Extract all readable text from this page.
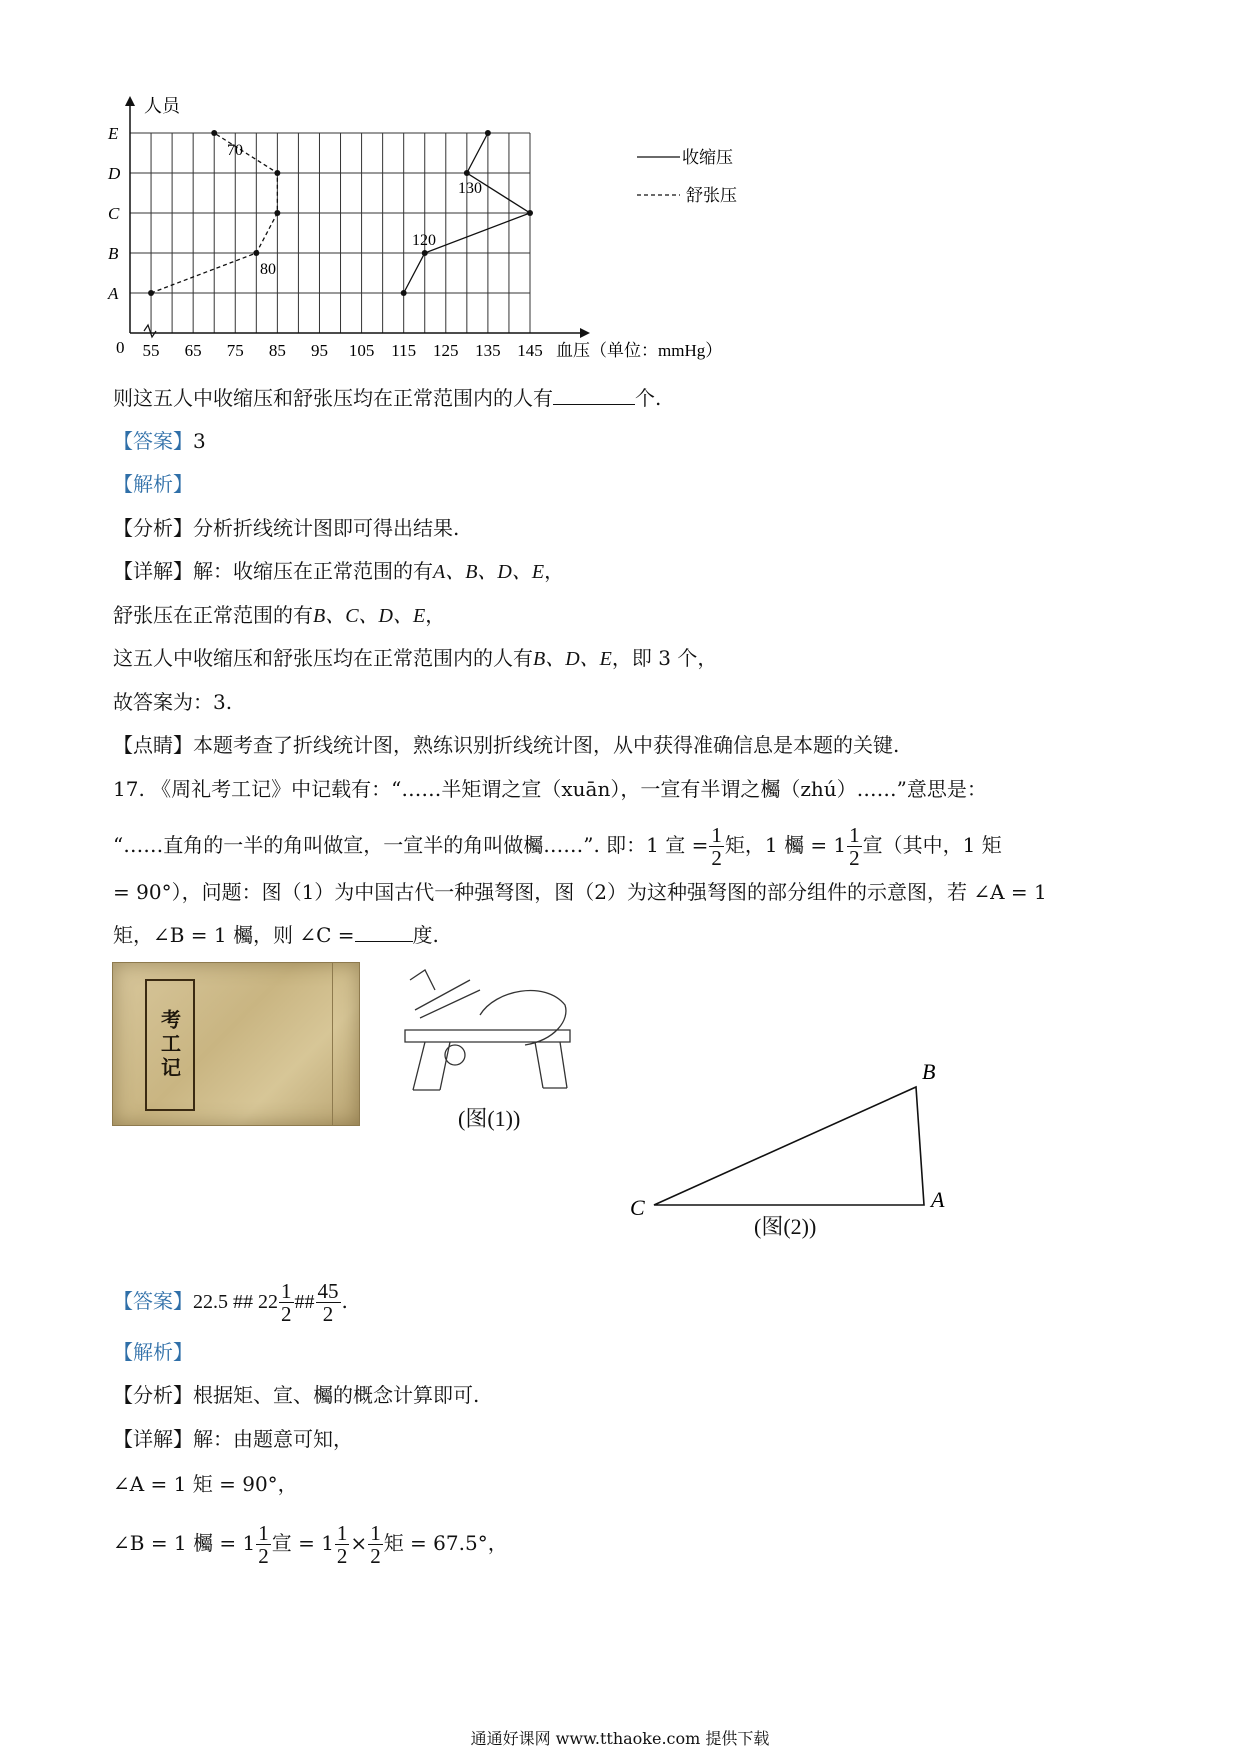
人员
0	血压（单位：mmHg）
A
B
C
D
E
55 65 75 85 95 105 115 125 135 145
70
130
120
80
收缩压
舒张压
则这五人中收缩压和舒张压均在正常范围内的人有	个.
【答案】3
【解析】
【分析】分析折线统计图即可得出结果.
【详解】解：收缩压在正常范围的有A、B、D、E，
舒张压在正常范围的有B、C、D、E，
这五人中收缩压和舒张压均在正常范围内的人有B、D、E，即 3 个，
故答案为：3.
【点睛】本题考查了折线统计图，熟练识别折线统计图，从中获得准确信息是本题的关键.
17. 《周礼考工记》中记载有：“……半矩谓之宣（xuān），一宣有半谓之欘（zhú）……”意思是：
“……直角的一半的角叫做宣，一宣半的角叫做欘……”. 即：1 宣 = $\frac{1}{2}$ 矩，1 欘 = $1 \frac{1}{2}$ 宣（其中，1 矩
= 90°），问题：图（1）为中国古代一种强弩图，图（2）为这种强弩图的部分组件的示意图，若 ∠A = 1
矩，∠B = 1 欘，则 ∠C =	度.
考工记
(图(1))
C	A
B
(图(2))
【答案】22.5 ## $22 \frac{1}{2}$ ## $\frac{45}{2}$ .
【解析】
【分析】根据矩、宣、欘的概念计算即可.
【详解】解：由题意可知，
∠A = 1 矩 = 90°，
∠B = 1 欘 = $1 \frac{1}{2}$ 宣 = $1 \frac{1}{2} \times \frac{1}{2}$ 矩 = 67.5°，
通通好课网 www.tthaoke.com 提供下载
